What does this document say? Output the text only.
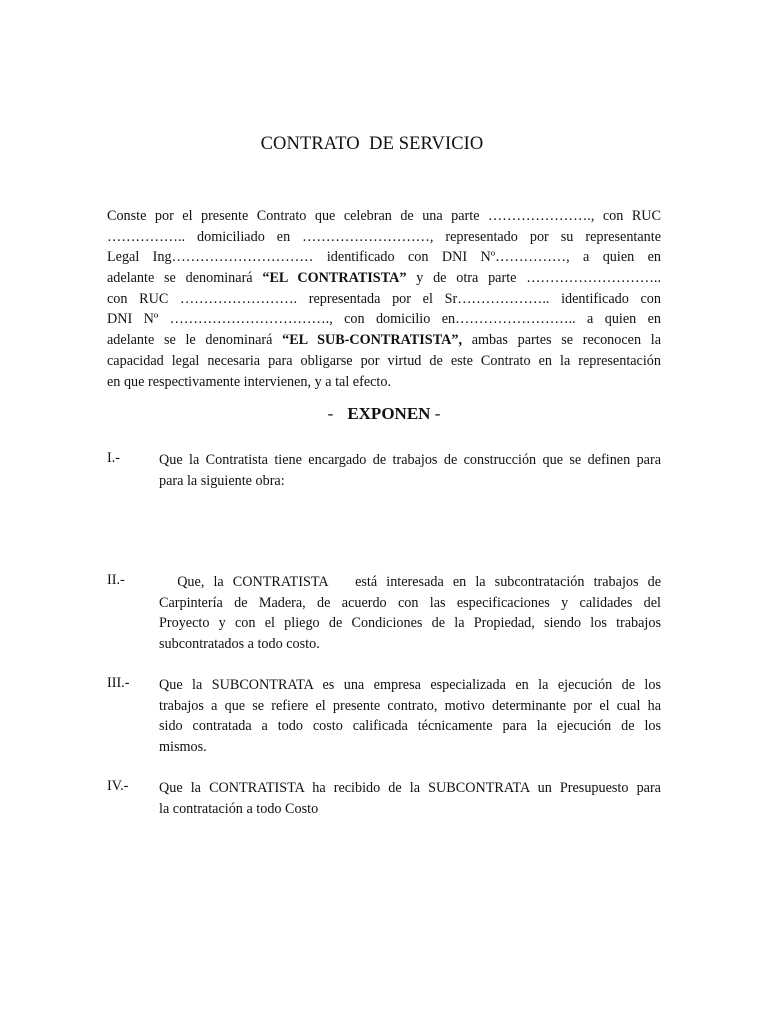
CONTRATO  DE SERVICIO
Conste por el presente Contrato que celebran de una parte …………………., con RUC
…………….. domiciliado en ………………………, representado por su representante
Legal Ing………………………… identificado con DNI Nº……………, a quien en
adelante se denominará “EL CONTRATISTA” y de otra parte ………………………..
con RUC ……………………. representada por el Sr……………….. identificado con
DNI Nº ……………………………., con domicilio en…………………….. a quien en
adelante se le denominará “EL SUB-CONTRATISTA”, ambas partes se reconocen la
capacidad legal necesaria para obligarse por virtud de este Contrato en la representación
en que respectivamente intervienen, y a tal efecto.
- EXPONEN -
I.-	Que la Contratista tiene encargado de trabajos de construcción que se definen para
para la siguiente obra:
II.-	Que, la CONTRATISTA   está interesada en la subcontratación trabajos de
Carpintería de Madera, de acuerdo con las especificaciones y calidades del
Proyecto y con el pliego de Condiciones de la Propiedad, siendo los trabajos
subcontratados a todo costo.
III.-	Que la SUBCONTRATA es una empresa especializada en la ejecución de los
trabajos a que se refiere el presente contrato, motivo determinante por el cual ha
sido contratada a todo costo calificada técnicamente para la ejecución de los
mismos.
IV.-	Que la CONTRATISTA ha recibido de la SUBCONTRATA un Presupuesto para
la contratación a todo Costo
